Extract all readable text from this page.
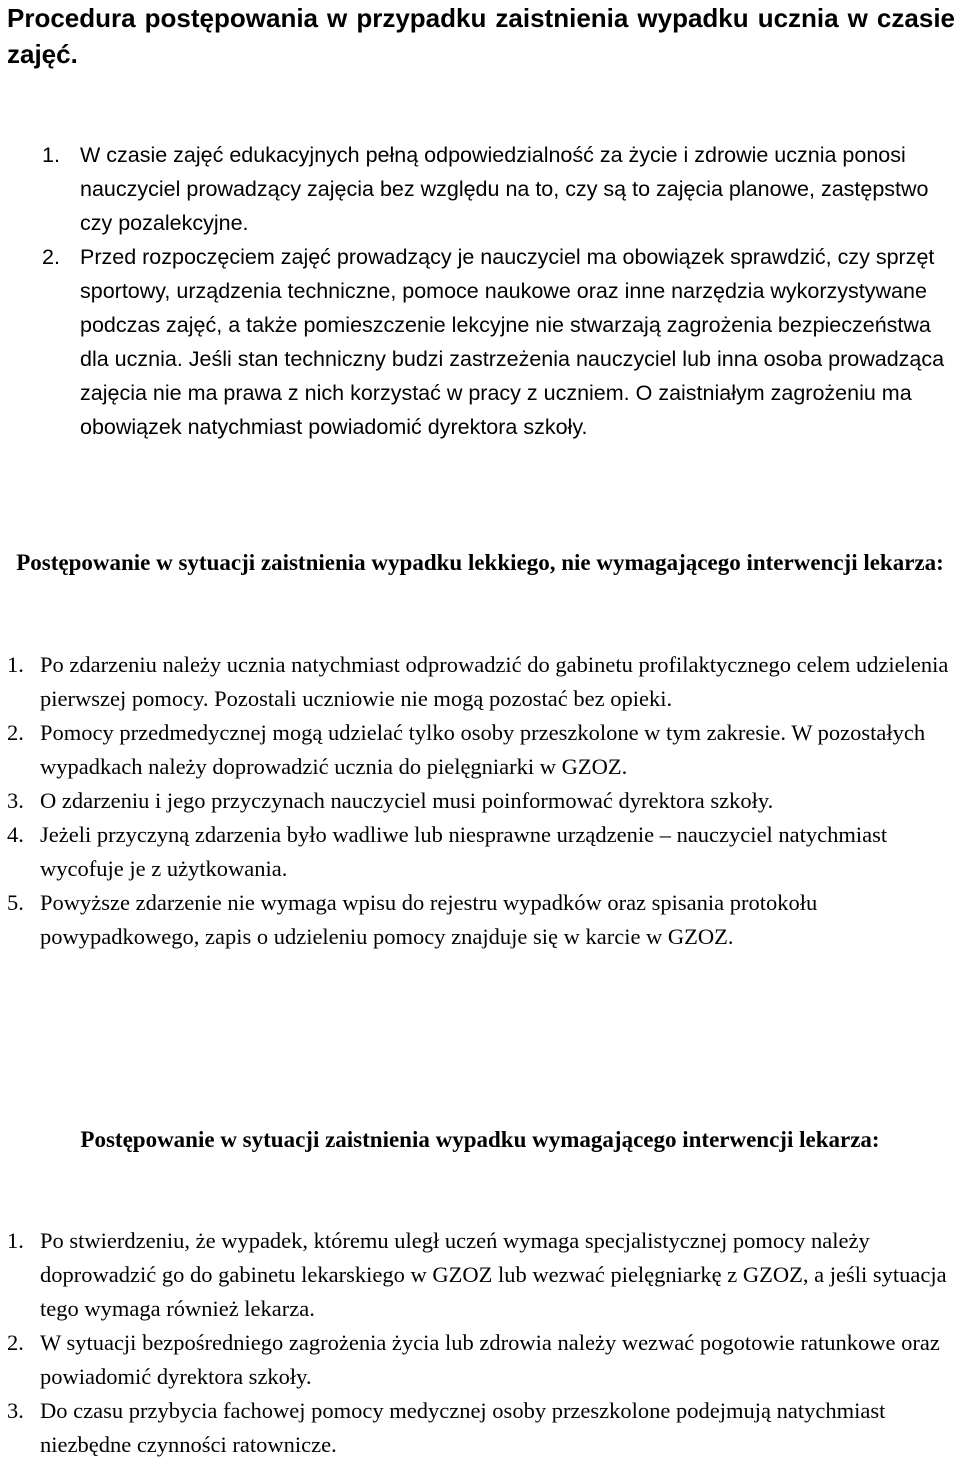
Procedura postępowania w przypadku zaistnienia wypadku ucznia w czasie zajęć.
1. W czasie zajęć edukacyjnych pełną odpowiedzialność za życie i zdrowie ucznia ponosi nauczyciel prowadzący zajęcia bez względu na to, czy są to zajęcia planowe, zastępstwo czy pozalekcyjne.
2. Przed rozpoczęciem zajęć prowadzący je nauczyciel ma obowiązek sprawdzić, czy sprzęt sportowy, urządzenia techniczne, pomoce naukowe oraz inne narzędzia wykorzystywane podczas zajęć, a także pomieszczenie lekcyjne nie stwarzają zagrożenia bezpieczeństwa dla ucznia. Jeśli stan techniczny budzi zastrzeżenia nauczyciel lub inna osoba prowadząca zajęcia nie ma prawa z nich korzystać w pracy z uczniem. O zaistniałym zagrożeniu ma obowiązek natychmiast powiadomić dyrektora szkoły.
Postępowanie w sytuacji zaistnienia wypadku lekkiego, nie wymagającego interwencji lekarza:
1. Po zdarzeniu należy ucznia natychmiast odprowadzić do gabinetu profilaktycznego celem udzielenia pierwszej pomocy. Pozostali uczniowie nie mogą pozostać bez opieki.
2. Pomocy przedmedycznej mogą udzielać tylko osoby przeszkolone w tym zakresie. W pozostałych wypadkach należy doprowadzić ucznia do pielęgniarki w GZOZ.
3. O zdarzeniu i jego przyczynach nauczyciel musi poinformować dyrektora szkoły.
4. Jeżeli przyczyną zdarzenia było wadliwe lub niesprawne urządzenie – nauczyciel natychmiast wycofuje je z użytkowania.
5. Powyższe zdarzenie nie wymaga wpisu do rejestru wypadków oraz spisania protokołu powypadkowego, zapis o udzieleniu pomocy znajduje się w karcie w GZOZ.
Postępowanie w sytuacji zaistnienia wypadku wymagającego interwencji lekarza:
1. Po stwierdzeniu, że wypadek, któremu uległ uczeń wymaga specjalistycznej pomocy należy doprowadzić go do gabinetu lekarskiego w GZOZ lub wezwać pielęgniarkę z GZOZ, a jeśli sytuacja tego wymaga również lekarza.
2. W sytuacji bezpośredniego zagrożenia życia lub zdrowia należy wezwać pogotowie ratunkowe oraz powiadomić dyrektora szkoły.
3. Do czasu przybycia fachowej pomocy medycznej osoby przeszkolone podejmują natychmiast niezbędne czynności ratownicze.
